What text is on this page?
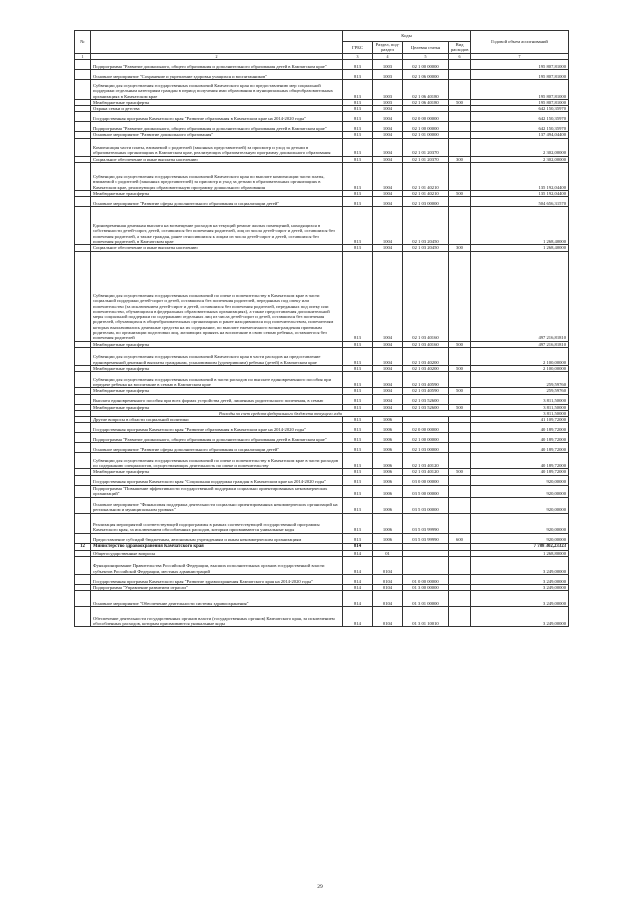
№	Наименование	Коды				Годовой объем ассигнований
		ГРБС	Раздел, под-раздел	Целевая статья	Вид расходов	
1	2	3	4	5	6	7
	Подпрограмма "Развитие дошкольного, общего образования и дополнительного образования детей в Камчатском крае"	813	1003	02 1 00 00000		195 807,81000
	Основное мероприятие "Сохранение и укрепление здоровья учащихся и воспитанников"	813	1003	02 1 06 00000		195 807,81000
	Субвенции для осуществления государственных полномочий Камчатского края по предоставлению мер социальной поддержки отдельным категориям граждан в период получения ими образования в муниципальных общеобразовательных организациях в Камчатском крае	813	1003	02 1 06 40180		195 807,81000
	Межбюджетные трансферты	813	1003	02 1 06 40180	500	195 807,81000
	Охрана семьи и детства	813	1004			642 150,35970
	Государственная программа Камчатского края "Развитие образования в Камчатском крае на 2014-2020 годы"	813	1004	02 0 00 00000		642 150,35970
	Подпрограмма "Развитие дошкольного, общего образования и дополнительного образования детей в Камчатском крае"	813	1004	02 1 00 00000		642 150,35970
	Основное мероприятие "Развитие дошкольного образования"	813	1004	02 1 01 00000		137 494,04400
	Компенсация части платы, взимаемой с родителей (законных представителей) за присмотр и уход за детьми в образовательных организациях в Камчатском крае, реализующих образовательную программу дошкольного образования	813	1004	02 1 01 20370		2 302,00000
	Социальное обеспечение и иные выплаты населению	813	1004	02 1 01 20370	300	2 302,00000
	Субвенции для осуществления государственных полномочий Камчатского края по выплате компенсации части платы, взимаемой с родителей (законных представителей) за присмотр и уход за детьми в образовательных организациях в Камчатском крае, реализующих образовательную программу дошкольного образования	813	1004	02 1 01 40210		135 192,04400
	Межбюджетные трансферты	813	1004	02 1 01 40210	500	135 192,04400
	Основное мероприятие "Развитие сферы дополнительного образования и социализации детей"	813	1004	02 1 03 00000		504 656,31570
	Единовременная денежная выплата на возмещение расходов на текущий ремонт жилых помещений, находящихся в собственности детей-сирот, детей, оставшихся без попечения родителей, лиц из числа детей-сирот и детей, оставшихся без попечения родителей, а также граждан, ранее относившихся к лицам из числа детей-сирот и детей, оставшихся без попечения родителей, в Камчатском крае	813	1004	02 1 03 20450		1 268,40000
	Социальное обеспечение и иные выплаты населению	813	1004	02 1 03 20450	300	1 268,40000
	Субвенции для осуществления государственных полномочий по опеке и попечительству в Камчатском крае в части социальной поддержки детей-сирот и детей, оставшихся без попечения родителей, переданных под опеку или попечительство (за исключением детей-сирот и детей, оставшихся без попечения родителей, переданных под опеку или попечительство, обучающихся в федеральных образовательных организациях), а также предоставления дополнительной меры социальной поддержки по содержанию отдельных лиц из числа детей-сирот и детей, оставшихся без попечения родителей, обучающихся в общеобразовательных организациях и ранее находившихся под попечительством, попечителям которых выплачивались денежные средства на их содержание, по выплате ежемесячного вознаграждения приемным родителям, по организации подготовки лиц, желающих принять на воспитание в свою семью ребенка, оставшегося без попечения родителей	813	1004	02 1 03 40160		497 216,81810
	Межбюджетные трансферты	813	1004	02 1 03 40160	500	497 216,81810
	Субвенции для осуществления государственных полномочий Камчатского края в части расходов на предоставление единовременной денежной выплаты гражданам, усыновившим (удочерившим) ребенка (детей) в Камчатском крае	813	1004	02 1 03 40200		2 100,00000
	Межбюджетные трансферты	813	1004	02 1 03 40200	500	2 100,00000
	Субвенции для осуществления государственных полномочий в части расходов по выплате единовременного пособия при передаче ребенка на воспитание в семью в Камчатском крае	813	1004	02 1 03 40590		259,59760
	Межбюджетные трансферты	813	1004	02 1 03 40590	500	259,59760
	Выплата единовременного пособия при всех формах устройства детей, лишенных родительского попечения, в семью	813	1004	02 1 03 52600		3 811,50000
	Межбюджетные трансферты	813	1004	02 1 03 52600	500	3 811,50000
	Расходы за счет средств федерального бюджета текущего года					3 811,50000
	Другие вопросы в области социальной политики	813	1006			41 109,72000
	Государственная программа Камчатского края "Развитие образования в Камчатском крае на 2014-2020 годы"	813	1006	02 0 00 00000		40 189,72000
	Подпрограмма "Развитие дошкольного, общего образования и дополнительного образования детей в Камчатском крае"	813	1006	02 1 00 00000		40 189,72000
	Основное мероприятие "Развитие сферы дополнительного образования и социализации детей"	813	1006	02 1 03 00000		40 189,72000
	Субвенции для осуществления государственных полномочий по опеке и попечительству в Камчатском крае в части расходов по содержанию специалистов, осуществляющих деятельность по опеке и попечительству	813	1006	02 1 03 40120		40 189,72000
	Межбюджетные трансферты	813	1006	02 1 03 40120	500	40 189,72000
	Государственная программа Камчатского края "Социальная поддержка граждан в Камчатском крае на 2014-2020 годы"	813	1006	03 0 00 00000		920,00000
	Подпрограмма "Повышение эффективности государственной поддержки социально ориентированных некоммерческих организаций"	813	1006	03 5 00 00000		920,00000
	Основное мероприятие "Финансовая поддержка деятельности социально ориентированных некоммерческих организаций на региональном и муниципальном уровнях"	813	1006	03 5 03 00000		920,00000
	Реализация мероприятий соответствующей подпрограммы в рамках соответствующей государственной программы Камчатского края, за исключением обособленных расходов, которым присваиваются уникальные коды	813	1006	03 5 03 99990		920,00000
	Предоставление субсидий бюджетным, автономным учреждениям и иным некоммерческим организациям	813	1006	03 5 03 99990	600	920,00000
12	Министерство здравоохранения Камчатского края	814				7 788 302,23323
	Общегосударственные вопросы	814	01			1 268,80000
	Функционирование Правительства Российской Федерации, высших исполнительных органов государственной власти субъектов Российской Федерации, местных администраций	814	0104			3 249,00000
	Государственная программа Камчатского края "Развитие здравоохранения Камчатского края на 2014-2020 годы"	814	0104	01 0 00 00000		3 249,00000
	Подпрограмма "Управление развитием отрасли"	814	0104	01 3 00 00000		3 249,00000
	Основное мероприятие "Обеспечение деятельности системы здравоохранения"	814	0104	01 3 01 00000		3 249,00000
	Обеспечение деятельности государственных органов власти (государственных органов) Камчатского края, за исключением обособленных расходов, которым присваиваются уникальные коды	814	0104	01 3 01 10010		3 249,00000
29
